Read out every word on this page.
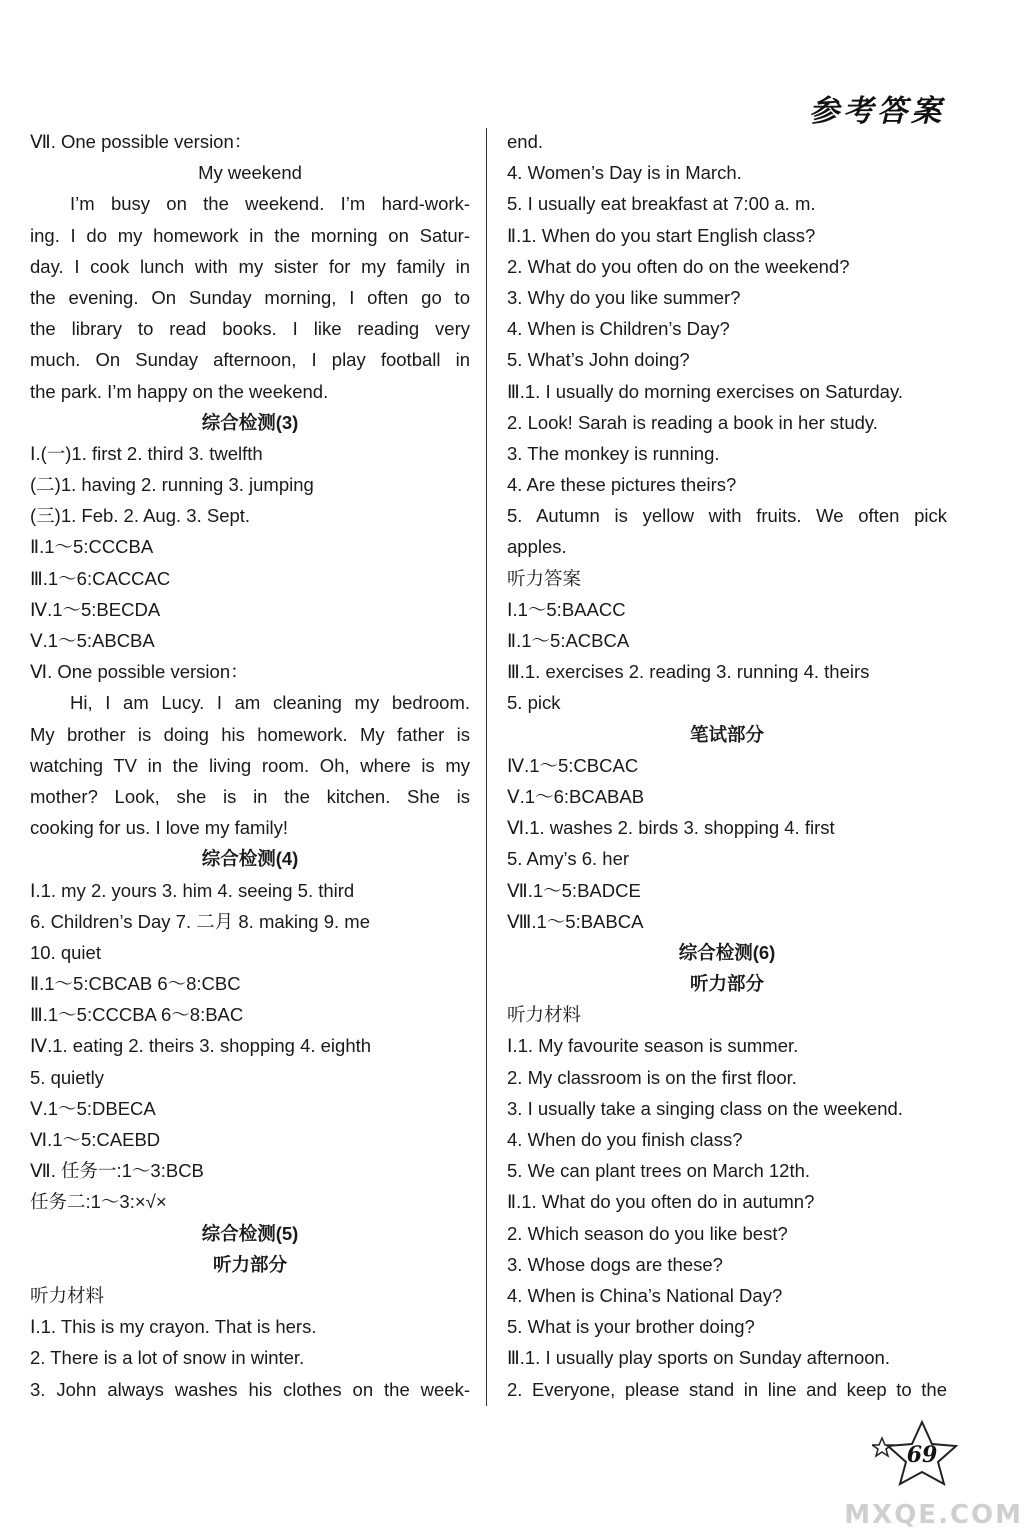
参考答案
Ⅶ. One possible version：
My weekend
I’m busy on the weekend. I’m hard-work-
ing. I do my homework in the morning on Satur-
day. I cook lunch with my sister for my family in
the evening. On Sunday morning, I often go to
the library to read books. I like reading very
much. On Sunday afternoon, I play football in
the park. I’m happy on the weekend.
综合检测(3)
Ⅰ.(一)1. first 2. third 3. twelfth
(二)1. having 2. running 3. jumping
(三)1. Feb. 2. Aug. 3. Sept.
Ⅱ.1～5:CCCBA
Ⅲ.1～6:CACCAC
Ⅳ.1～5:BECDA
Ⅴ.1～5:ABCBA
Ⅵ. One possible version：
Hi, I am Lucy. I am cleaning my bedroom.
My brother is doing his homework. My father is
watching TV in the living room. Oh, where is my
mother? Look, she is in the kitchen. She is
cooking for us. I love my family!
综合检测(4)
Ⅰ.1. my 2. yours 3. him 4. seeing 5. third
6. Children’s Day 7. 二月 8. making 9. me
10. quiet
Ⅱ.1～5:CBCAB 6～8:CBC
Ⅲ.1～5:CCCBA 6～8:BAC
Ⅳ.1. eating 2. theirs 3. shopping 4. eighth
5. quietly
Ⅴ.1～5:DBECA
Ⅵ.1～5:CAEBD
Ⅶ. 任务一:1～3:BCB
任务二:1～3:×√×
综合检测(5)
听力部分
听力材料
Ⅰ.1. This is my crayon. That is hers.
2. There is a lot of snow in winter.
3. John always washes his clothes on the week-
end.
4. Women’s Day is in March.
5. I usually eat breakfast at 7:00 a. m.
Ⅱ.1. When do you start English class?
2. What do you often do on the weekend?
3. Why do you like summer?
4. When is Children’s Day?
5. What’s John doing?
Ⅲ.1. I usually do morning exercises on Saturday.
2. Look! Sarah is reading a book in her study.
3. The monkey is running.
4. Are these pictures theirs?
5. Autumn is yellow with fruits. We often pick
apples.
听力答案
Ⅰ.1～5:BAACC
Ⅱ.1～5:ACBCA
Ⅲ.1. exercises 2. reading 3. running 4. theirs
5. pick
笔试部分
Ⅳ.1～5:CBCAC
Ⅴ.1～6:BCABAB
Ⅵ.1. washes 2. birds 3. shopping 4. first
5. Amy’s 6. her
Ⅶ.1～5:BADCE
Ⅷ.1～5:BABCA
综合检测(6)
听力部分
听力材料
Ⅰ.1. My favourite season is summer.
2. My classroom is on the first floor.
3. I usually take a singing class on the weekend.
4. When do you finish class?
5. We can plant trees on March 12th.
Ⅱ.1. What do you often do in autumn?
2. Which season do you like best?
3. Whose dogs are these?
4. When is China’s National Day?
5. What is your brother doing?
Ⅲ.1. I usually play sports on Sunday afternoon.
2. Everyone, please stand in line and keep to the
69
MXQE.COM
